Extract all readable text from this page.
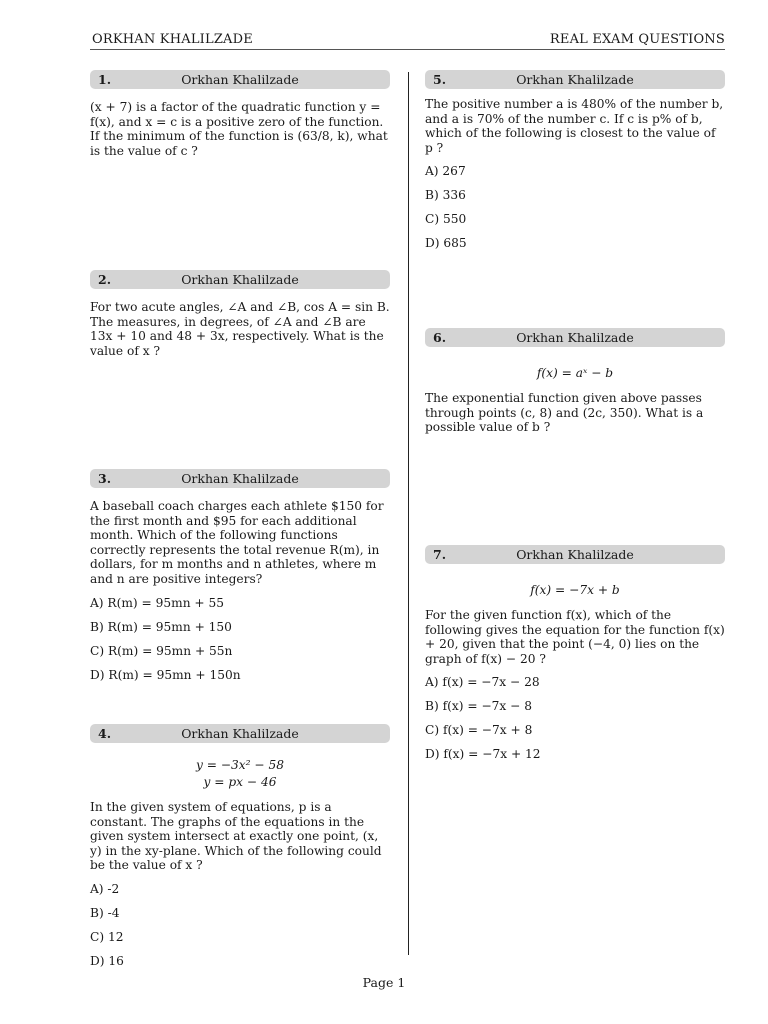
ORKHAN KHALILZADE	REAL EXAM QUESTIONS
1.	Orkhan Khalilzade
(x + 7) is a factor of the quadratic function y = f(x), and x = c is a positive zero of the function. If the minimum of the function is (63/8, k), what is the value of c ?
2.	Orkhan Khalilzade
For two acute angles, ∠A and ∠B, cos A = sin B. The measures, in degrees, of ∠A and ∠B are 13x + 10 and 48 + 3x, respectively. What is the value of x ?
3.	Orkhan Khalilzade
A baseball coach charges each athlete $150 for the first month and $95 for each additional month. Which of the following functions correctly represents the total revenue R(m), in dollars, for m months and n athletes, where m and n are positive integers?
A) R(m) = 95mn + 55
B) R(m) = 95mn + 150
C) R(m) = 95mn + 55n
D) R(m) = 95mn + 150n
4.	Orkhan Khalilzade
y = −3x² − 58
y = px − 46
In the given system of equations, p is a constant. The graphs of the equations in the given system intersect at exactly one point, (x, y) in the xy-plane. Which of the following could be the value of x ?
A) -2
B) -4
C) 12
D) 16
5.	Orkhan Khalilzade
The positive number a is 480% of the number b, and a is 70% of the number c. If c is p% of b, which of the following is closest to the value of p ?
A) 267
B) 336
C) 550
D) 685
6.	Orkhan Khalilzade
f(x) = aˣ − b
The exponential function given above passes through points (c, 8) and (2c, 350). What is a possible value of b ?
7.	Orkhan Khalilzade
f(x) = −7x + b
For the given function f(x), which of the following gives the equation for the function f(x) + 20, given that the point (−4, 0) lies on the graph of f(x) − 20 ?
A) f(x) = −7x − 28
B) f(x) = −7x − 8
C) f(x) = −7x + 8
D) f(x) = −7x + 12
Page 1
